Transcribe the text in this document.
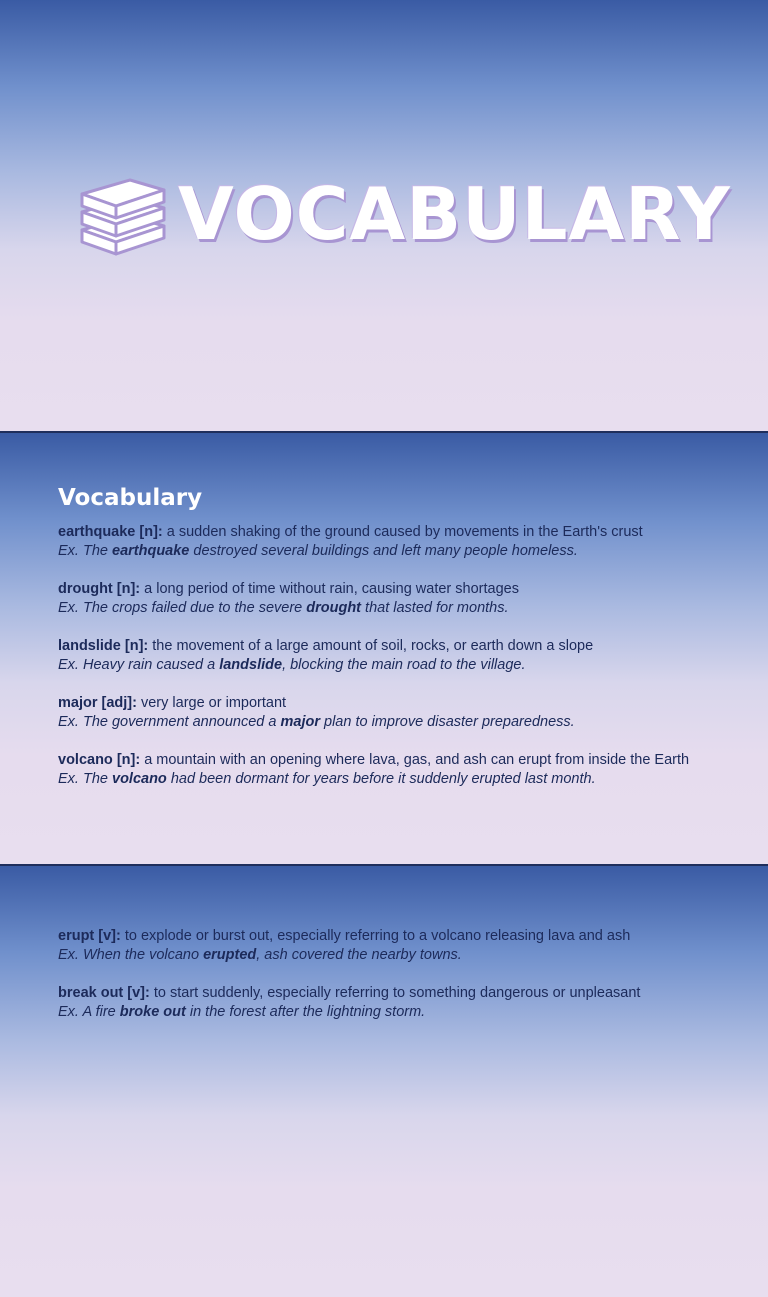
VOCABULARY
Vocabulary

earthquake [n]: a sudden shaking of the ground caused by movements in the Earth's crust

Ex. The earthquake destroyed several buildings and left many people homeless.

drought [n]: a long period of time without rain, causing water shortages

Ex. The crops failed due to the severe drought that lasted for months.

landslide [n]: the movement of a large amount of soil, rocks, or earth down a slope

Ex. Heavy rain caused a landslide, blocking the main road to the village.

major [adj]: very large or important

Ex. The government announced a major plan to improve disaster preparedness.

volcano [n]: a mountain with an opening where lava, gas, and ash can erupt from inside the Earth

Ex. The volcano had been dormant for years before it suddenly erupted last month.

erupt [v]: to explode or burst out, especially referring to a volcano releasing lava and ash

Ex. When the volcano erupted, ash covered the nearby towns.

break out [v]: to start suddenly, especially referring to something dangerous or unpleasant

Ex. A fire broke out in the forest after the lightning storm.
